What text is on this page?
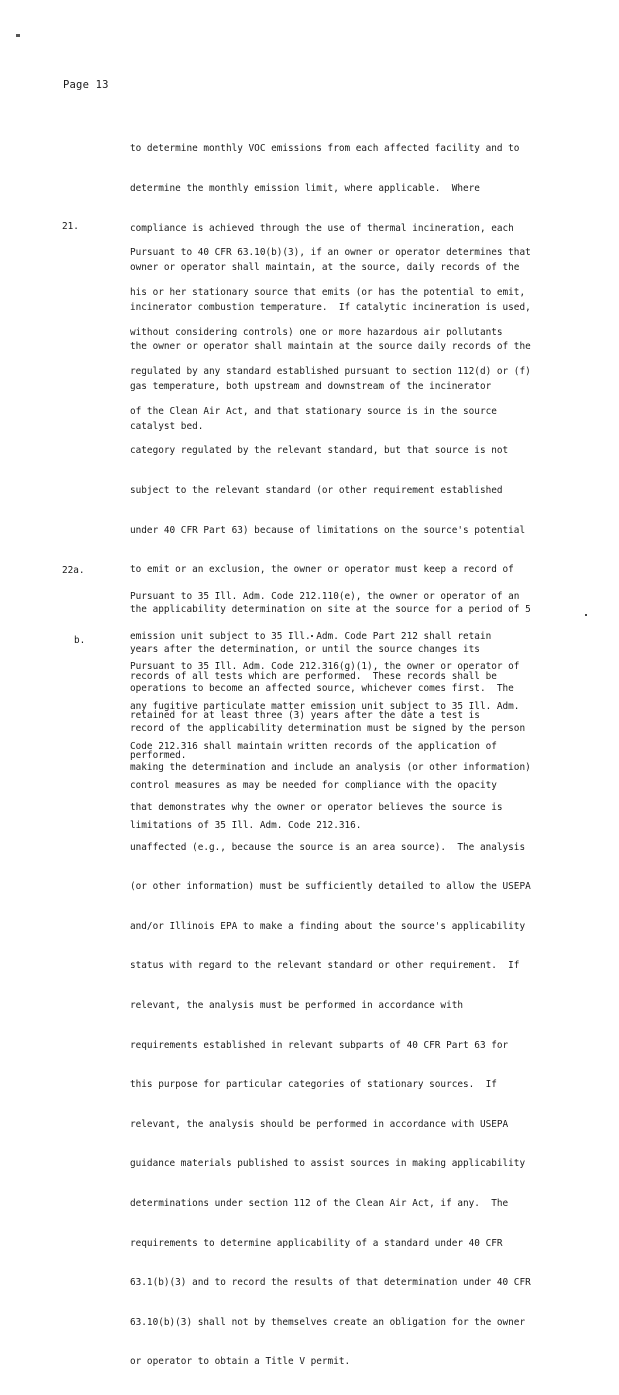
Page 13

to determine monthly VOC emissions from each affected facility and to

determine the monthly emission limit, where applicable.  Where

compliance is achieved through the use of thermal incineration, each

owner or operator shall maintain, at the source, daily records of the

incinerator combustion temperature.  If catalytic incineration is used,

the owner or operator shall maintain at the source daily records of the

gas temperature, both upstream and downstream of the incinerator

catalyst bed.

21.

Pursuant to 40 CFR 63.10(b)(3), if an owner or operator determines that

his or her stationary source that emits (or has the potential to emit,

without considering controls) one or more hazardous air pollutants

regulated by any standard established pursuant to section 112(d) or (f)

of the Clean Air Act, and that stationary source is in the source

category regulated by the relevant standard, but that source is not

subject to the relevant standard (or other requirement established

under 40 CFR Part 63) because of limitations on the source's potential

to emit or an exclusion, the owner or operator must keep a record of

the applicability determination on site at the source for a period of 5

years after the determination, or until the source changes its

operations to become an affected source, whichever comes first.  The

record of the applicability determination must be signed by the person

making the determination and include an analysis (or other information)

that demonstrates why the owner or operator believes the source is

unaffected (e.g., because the source is an area source).  The analysis

(or other information) must be sufficiently detailed to allow the USEPA

and/or Illinois EPA to make a finding about the source's applicability

status with regard to the relevant standard or other requirement.  If

relevant, the analysis must be performed in accordance with

requirements established in relevant subparts of 40 CFR Part 63 for

this purpose for particular categories of stationary sources.  If

relevant, the analysis should be performed in accordance with USEPA

guidance materials published to assist sources in making applicability

determinations under section 112 of the Clean Air Act, if any.  The

requirements to determine applicability of a standard under 40 CFR

63.1(b)(3) and to record the results of that determination under 40 CFR

63.10(b)(3) shall not by themselves create an obligation for the owner

or operator to obtain a Title V permit.

22a.

Pursuant to 35 Ill. Adm. Code 212.110(e), the owner or operator of an

emission unit subject to 35 Ill. Adm. Code Part 212 shall retain

records of all tests which are performed.  These records shall be

retained for at least three (3) years after the date a test is

performed.

b.

Pursuant to 35 Ill. Adm. Code 212.316(g)(1), the owner or operator of

any fugitive particulate matter emission unit subject to 35 Ill. Adm.

Code 212.316 shall maintain written records of the application of

control measures as may be needed for compliance with the opacity

limitations of 35 Ill. Adm. Code 212.316.
